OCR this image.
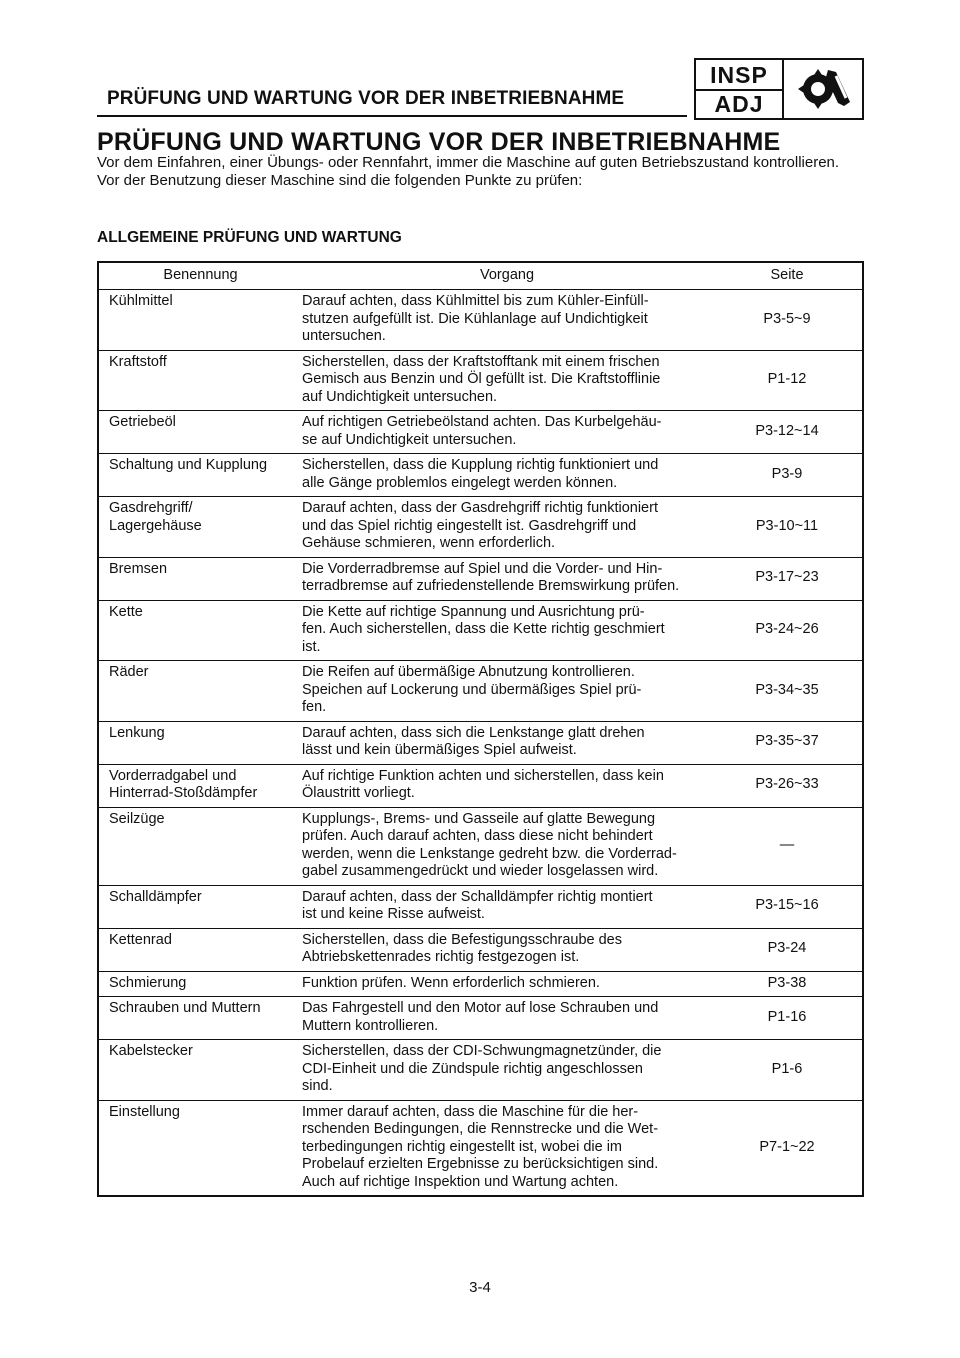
PRÜFUNG UND WARTUNG VOR DER INBETRIEBNAHME
INSP
ADJ
PRÜFUNG UND WARTUNG VOR DER INBETRIEBNAHME

Vor dem Einfahren, einer Übungs- oder Rennfahrt, immer die Maschine auf guten Betriebszustand kontrollieren.

Vor der Benutzung dieser Maschine sind die folgenden Punkte zu prüfen:

ALLGEMEINE PRÜFUNG UND WARTUNG
Benennung	Vorgang	Seite
Kühlmittel	Darauf achten, dass Kühlmittel bis zum Kühler-Einfüll-
stutzen aufgefüllt ist. Die Kühlanlage auf Undichtigkeit
untersuchen.	P3-5~9
Kraftstoff	Sicherstellen, dass der Kraftstofftank mit einem frischen
Gemisch aus Benzin und Öl gefüllt ist. Die Kraftstofflinie
auf Undichtigkeit untersuchen.	P1-12
Getriebeöl	Auf richtigen Getriebeölstand achten. Das Kurbelgehäu-
se auf Undichtigkeit untersuchen.	P3-12~14
Schaltung und Kupplung	Sicherstellen, dass die Kupplung richtig funktioniert und
alle Gänge problemlos eingelegt werden können.	P3-9
Gasdrehgriff/
Lagergehäuse	Darauf achten, dass der Gasdrehgriff richtig funktioniert
und das Spiel richtig eingestellt ist. Gasdrehgriff und
Gehäuse schmieren, wenn erforderlich.	P3-10~11
Bremsen	Die Vorderradbremse auf Spiel und die Vorder- und Hin-
terradbremse auf zufriedenstellende Bremswirkung prüfen.	P3-17~23
Kette	Die Kette auf richtige Spannung und Ausrichtung prü-
fen. Auch sicherstellen, dass die Kette richtig geschmiert
ist.	P3-24~26
Räder	Die Reifen auf übermäßige Abnutzung kontrollieren.
Speichen auf Lockerung und übermäßiges Spiel prü-
fen.	P3-34~35
Lenkung	Darauf achten, dass sich die Lenkstange glatt drehen
lässt und kein übermäßiges Spiel aufweist.	P3-35~37
Vorderradgabel und
Hinterrad-Stoßdämpfer	Auf richtige Funktion achten und sicherstellen, dass kein
Ölaustritt vorliegt.	P3-26~33
Seilzüge	Kupplungs-, Brems- und Gasseile auf glatte Bewegung
prüfen. Auch darauf achten, dass diese nicht behindert
werden, wenn die Lenkstange gedreht bzw. die Vorderrad-
gabel zusammengedrückt und wieder losgelassen wird.	—
Schalldämpfer	Darauf achten, dass der Schalldämpfer richtig montiert
ist und keine Risse aufweist.	P3-15~16
Kettenrad	Sicherstellen, dass die Befestigungsschraube des
Abtriebskettenrades richtig festgezogen ist.	P3-24
Schmierung	Funktion prüfen. Wenn erforderlich schmieren.	P3-38
Schrauben und Muttern	Das Fahrgestell und den Motor auf lose Schrauben und
Muttern kontrollieren.	P1-16
Kabelstecker	Sicherstellen, dass der CDI-Schwungmagnetzünder, die
CDI-Einheit und die Zündspule richtig angeschlossen
sind.	P1-6
Einstellung	Immer darauf achten, dass die Maschine für die her-
rschenden Bedingungen, die Rennstrecke und die Wet-
terbedingungen richtig eingestellt ist, wobei die im
Probelauf erzielten Ergebnisse zu berücksichtigen sind.
Auch auf richtige Inspektion und Wartung achten.	P7-1~22
3-4
